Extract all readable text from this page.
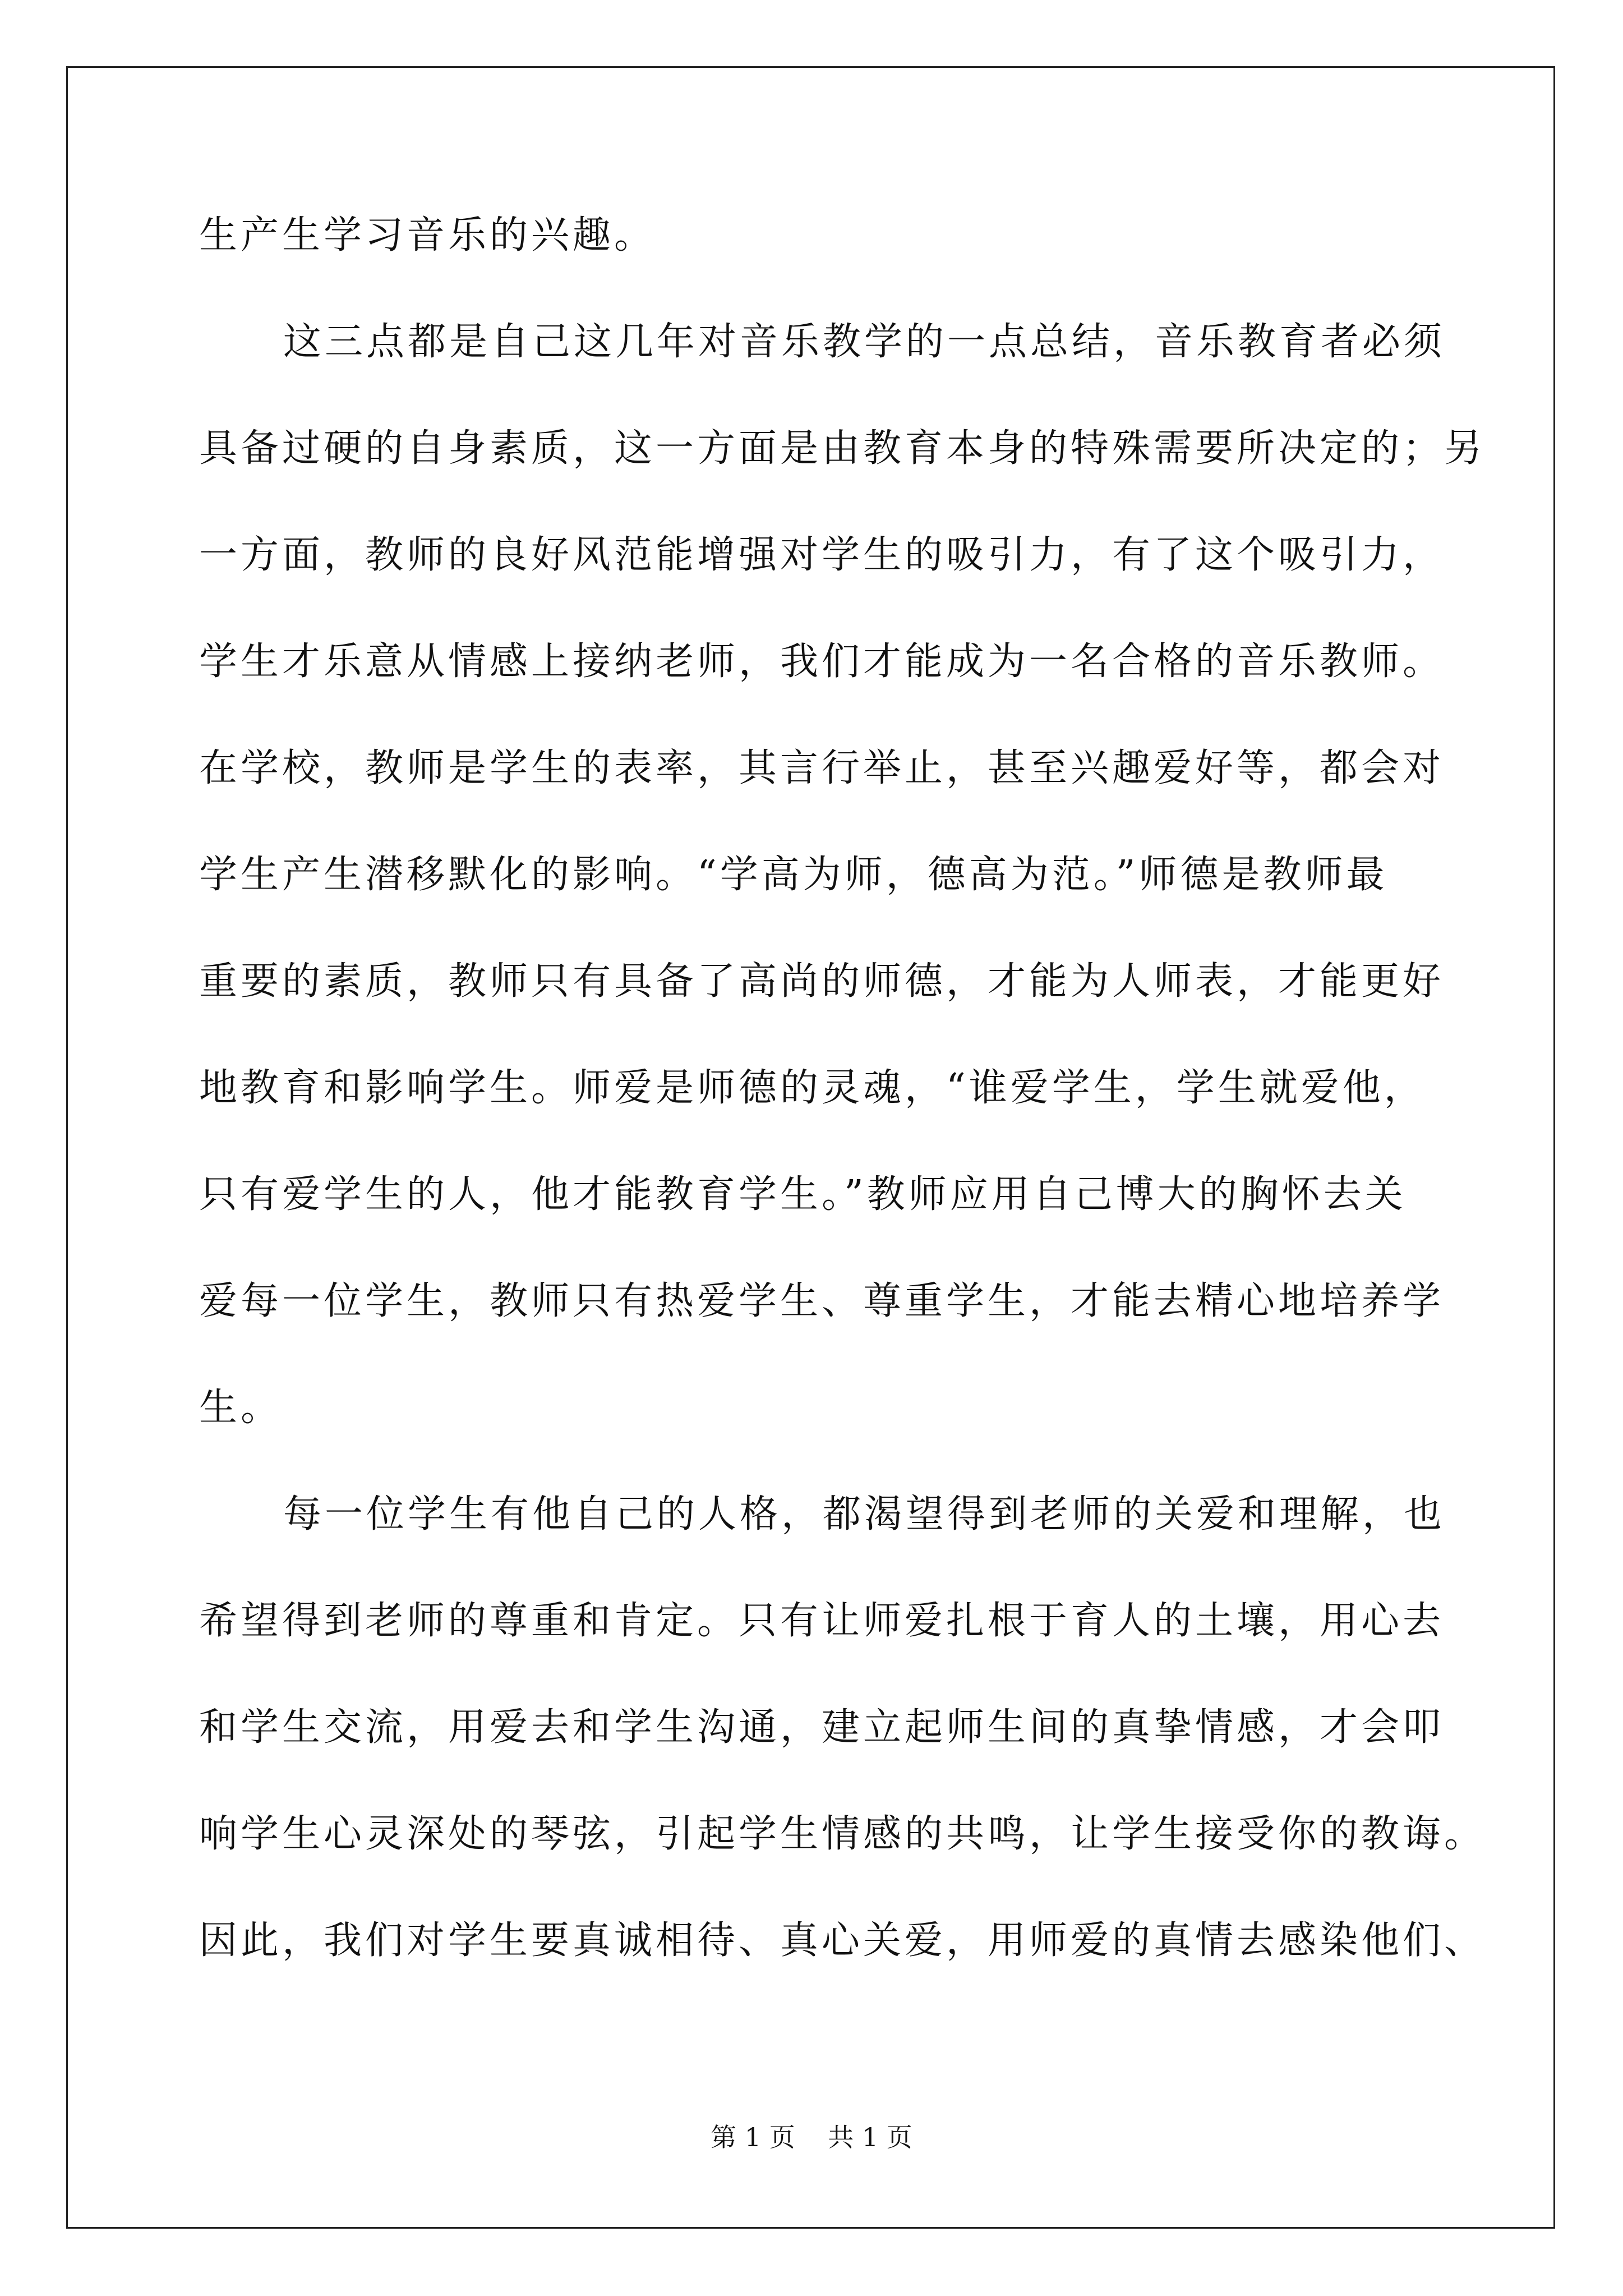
生产生学习音乐的兴趣。
这三点都是自己这几年对音乐教学的一点总结，音乐教育者必须
具备过硬的自身素质，这一方面是由教育本身的特殊需要所决定的；另
一方面，教师的良好风范能增强对学生的吸引力，有了这个吸引力，
学生才乐意从情感上接纳老师，我们才能成为一名合格的音乐教师。
在学校，教师是学生的表率，其言行举止，甚至兴趣爱好等，都会对
学生产生潜移默化的影响。“学高为师，德高为范。”师德是教师最
重要的素质，教师只有具备了高尚的师德，才能为人师表，才能更好
地教育和影响学生。师爱是师德的灵魂，“谁爱学生，学生就爱他，
只有爱学生的人，他才能教育学生。”教师应用自己博大的胸怀去关
爱每一位学生，教师只有热爱学生、尊重学生，才能去精心地培养学
生。
每一位学生有他自己的人格，都渴望得到老师的关爱和理解，也
希望得到老师的尊重和肯定。只有让师爱扎根于育人的土壤，用心去
和学生交流，用爱去和学生沟通，建立起师生间的真挚情感，才会叩
响学生心灵深处的琴弦，引起学生情感的共鸣，让学生接受你的教诲。
因此，我们对学生要真诚相待、真心关爱，用师爱的真情去感染他们、
第 1 页    共 1 页
